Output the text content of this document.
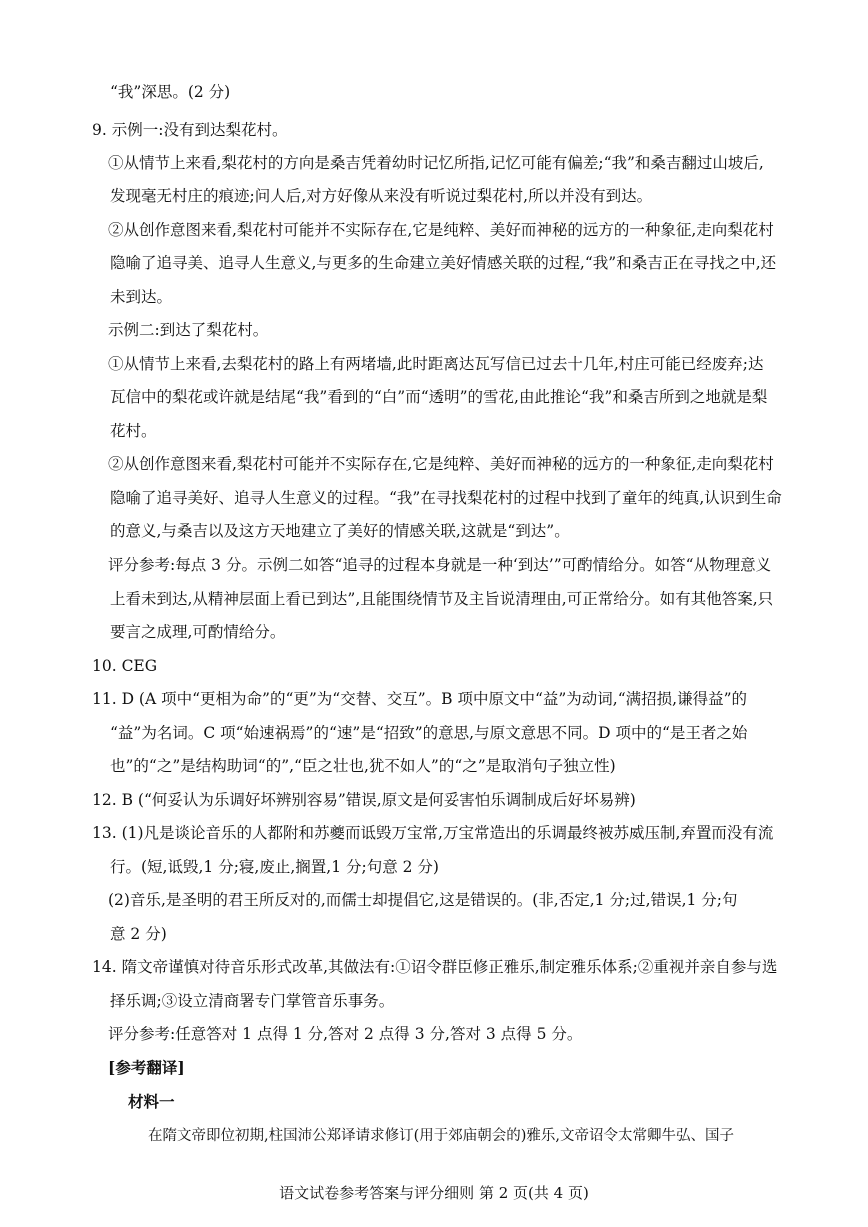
“我”深思。(2 分)
9. 示例一:没有到达梨花村。
①从情节上来看,梨花村的方向是桑吉凭着幼时记忆所指,记忆可能有偏差;“我”和桑吉翻过山坡后,
发现毫无村庄的痕迹;问人后,对方好像从来没有听说过梨花村,所以并没有到达。
②从创作意图来看,梨花村可能并不实际存在,它是纯粹、美好而神秘的远方的一种象征,走向梨花村
隐喻了追寻美、追寻人生意义,与更多的生命建立美好情感关联的过程,“我”和桑吉正在寻找之中,还
未到达。
示例二:到达了梨花村。
①从情节上来看,去梨花村的路上有两堵墙,此时距离达瓦写信已过去十几年,村庄可能已经废弃;达
瓦信中的梨花或许就是结尾“我”看到的“白”而“透明”的雪花,由此推论“我”和桑吉所到之地就是梨
花村。
②从创作意图来看,梨花村可能并不实际存在,它是纯粹、美好而神秘的远方的一种象征,走向梨花村
隐喻了追寻美好、追寻人生意义的过程。“我”在寻找梨花村的过程中找到了童年的纯真,认识到生命
的意义,与桑吉以及这方天地建立了美好的情感关联,这就是“到达”。
评分参考:每点 3 分。示例二如答“追寻的过程本身就是一种‘到达’”可酌情给分。如答“从物理意义
上看未到达,从精神层面上看已到达”,且能围绕情节及主旨说清理由,可正常给分。如有其他答案,只
要言之成理,可酌情给分。
10. CEG
11. D (A 项中“更相为命”的“更”为“交替、交互”。B 项中原文中“益”为动词,“满招损,谦得益”的
“益”为名词。C 项“始速祸焉”的“速”是“招致”的意思,与原文意思不同。D 项中的“是王者之始
也”的“之”是结构助词“的”,“臣之壮也,犹不如人”的“之”是取消句子独立性)
12. B (“何妥认为乐调好坏辨别容易”错误,原文是何妥害怕乐调制成后好坏易辨)
13. (1)凡是谈论音乐的人都附和苏夔而诋毁万宝常,万宝常造出的乐调最终被苏威压制,弃置而没有流
行。(短,诋毁,1 分;寝,废止,搁置,1 分;句意 2 分)
(2)音乐,是圣明的君王所反对的,而儒士却提倡它,这是错误的。(非,否定,1 分;过,错误,1 分;句
意 2 分)
14. 隋文帝谨慎对待音乐形式改革,其做法有:①诏令群臣修正雅乐,制定雅乐体系;②重视并亲自参与选
择乐调;③设立清商署专门掌管音乐事务。
评分参考:任意答对 1 点得 1 分,答对 2 点得 3 分,答对 3 点得 5 分。
[参考翻译]
材料一
在隋文帝即位初期,柱国沛公郑译请求修订(用于郊庙朝会的)雅乐,文帝诏令太常卿牛弘、国子
语文试卷参考答案与评分细则 第 2 页(共 4 页)
